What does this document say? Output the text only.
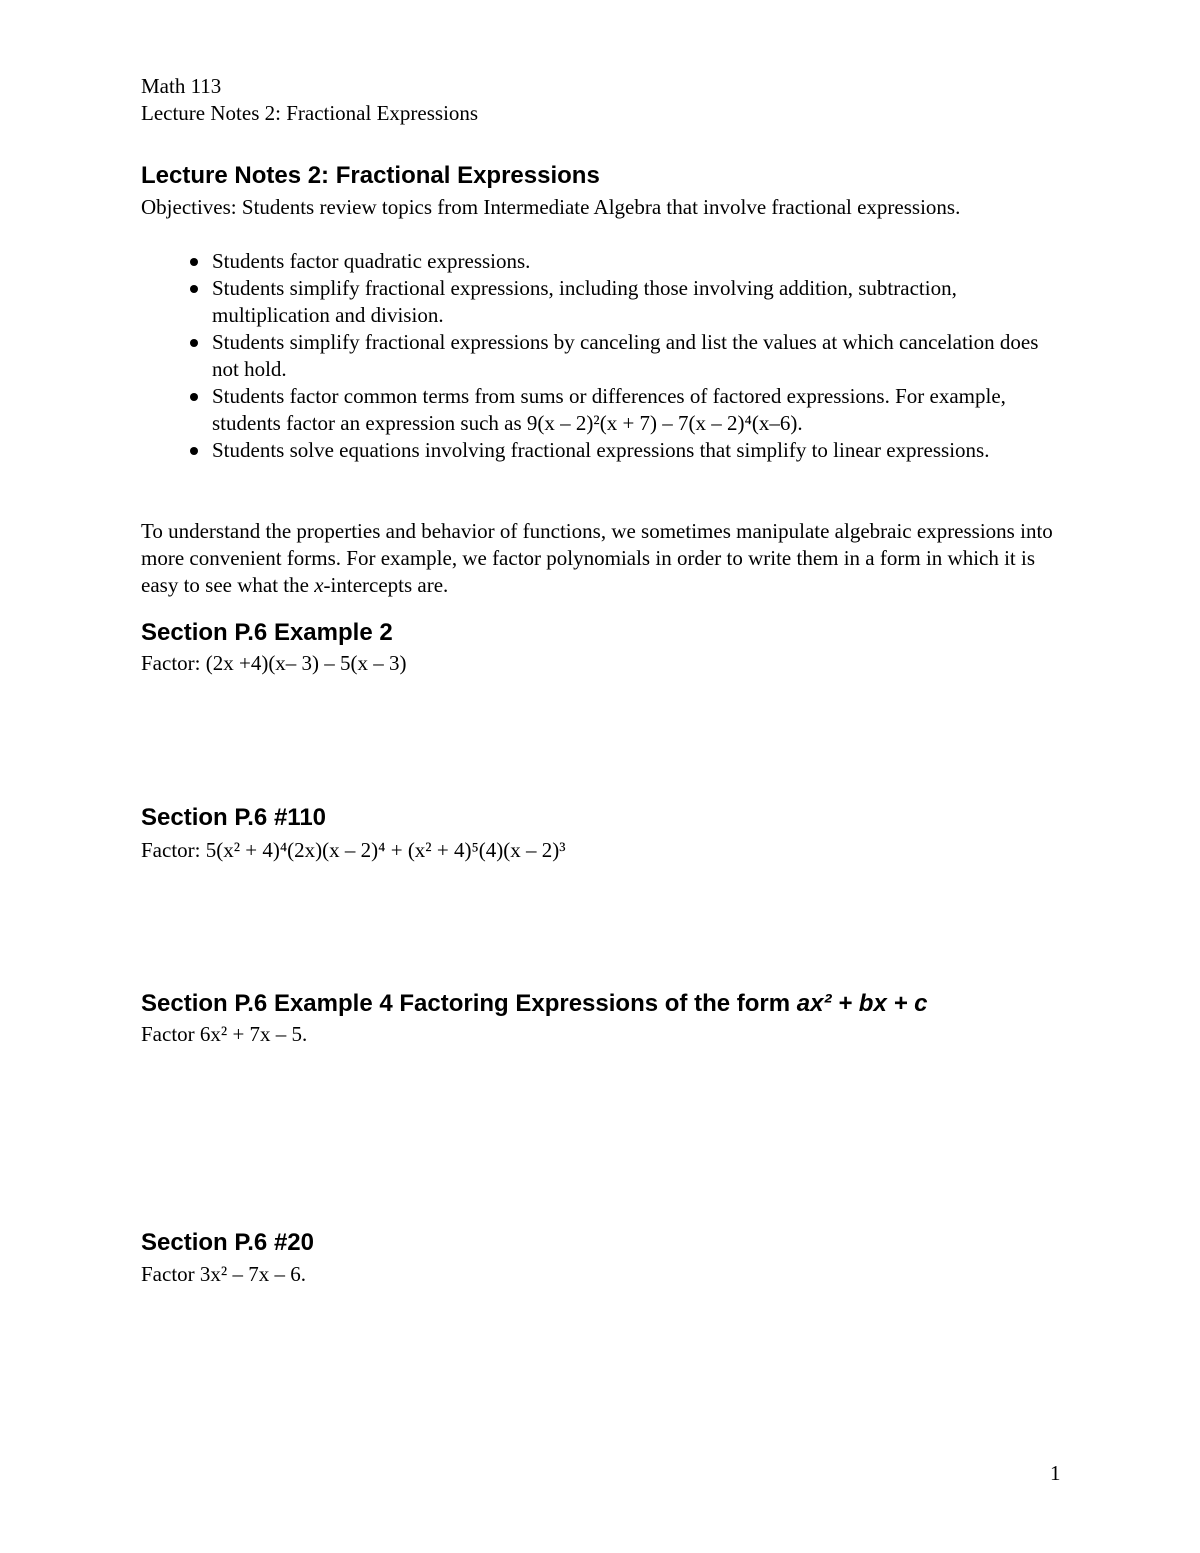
Math 113
Lecture Notes 2: Fractional Expressions
Lecture Notes 2: Fractional Expressions
Objectives: Students review topics from Intermediate Algebra that involve fractional expressions.
Students factor quadratic expressions.
Students simplify fractional expressions, including those involving addition, subtraction, multiplication and division.
Students simplify fractional expressions by canceling and list the values at which cancelation does not hold.
Students factor common terms from sums or differences of factored expressions. For example, students factor an expression such as 9(x – 2)²(x + 7) – 7(x – 2)⁴(x–6).
Students solve equations involving fractional expressions that simplify to linear expressions.
To understand the properties and behavior of functions, we sometimes manipulate algebraic expressions into more convenient forms. For example, we factor polynomials in order to write them in a form in which it is easy to see what the x-intercepts are.
Section P.6 Example 2
Factor: (2x +4)(x– 3) – 5(x – 3)
Section P.6 #110
Factor: 5(x² + 4)⁴(2x)(x – 2)⁴ + (x² + 4)⁵(4)(x – 2)³
Section P.6 Example 4 Factoring Expressions of the form ax² + bx + c
Factor 6x² + 7x – 5.
Section P.6 #20
Factor 3x² – 7x – 6.
1
